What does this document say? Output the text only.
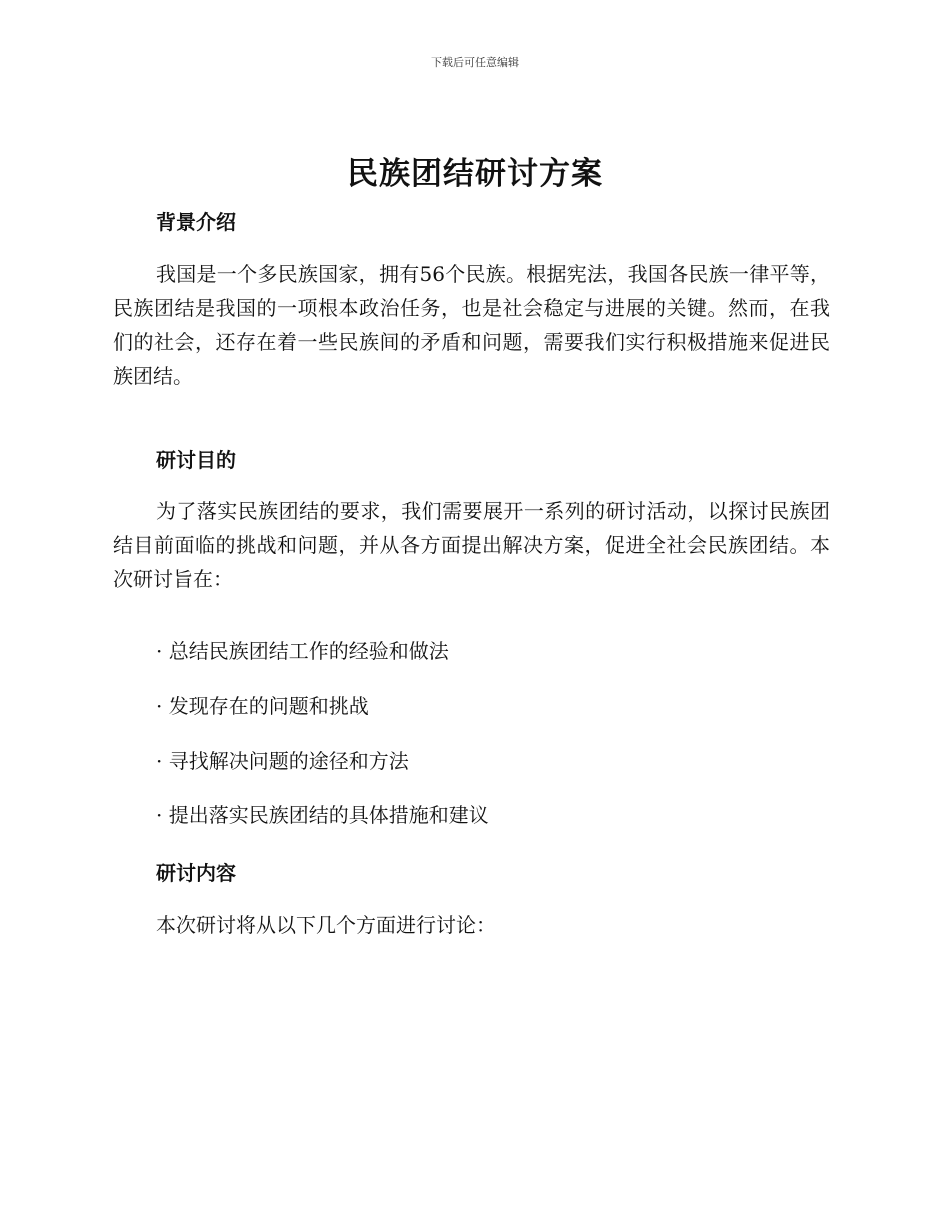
下载后可任意编辑
民族团结研讨方案
背景介绍

我国是一个多民族国家，拥有56个民族。根据宪法，我国各民族一律平等，民族团结是我国的一项根本政治任务，也是社会稳定与进展的关键。然而，在我们的社会，还存在着一些民族间的矛盾和问题，需要我们实行积极措施来促进民族团结。

研讨目的

为了落实民族团结的要求，我们需要展开一系列的研讨活动，以探讨民族团结目前面临的挑战和问题，并从各方面提出解决方案，促进全社会民族团结。本次研讨旨在：

· 总结民族团结工作的经验和做法
· 发现存在的问题和挑战
· 寻找解决问题的途径和方法
· 提出落实民族团结的具体措施和建议
研讨内容

本次研讨将从以下几个方面进行讨论：
